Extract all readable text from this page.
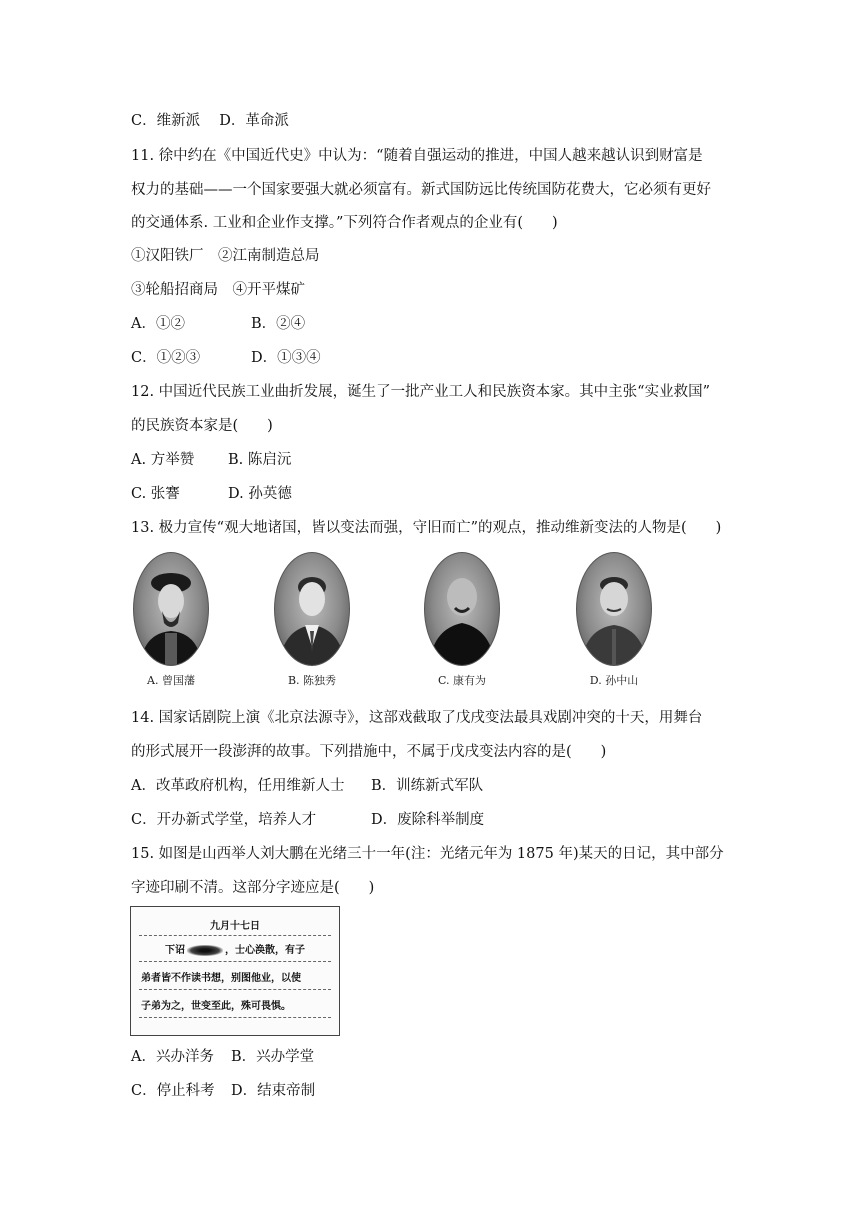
C．维新派　 D．革命派
11. 徐中约在《中国近代史》中认为：“随着自强运动的推进，中国人越来越认识到财富是
权力的基础——一个国家要强大就必须富有。新式国防远比传统国防花费大，它必须有更好
的交通体系. 工业和企业作支撑。”下列符合作者观点的企业有(　　)
①汉阳铁厂　②江南制造总局
③轮船招商局　④开平煤矿
A．①②	B．②④
C．①②③	D．①③④
12. 中国近代民族工业曲折发展，诞生了一批产业工人和民族资本家。其中主张“实业救国”
的民族资本家是(　　)
A. 方举赞 B. 陈启沅
C. 张謇	D. 孙英德
13. 极力宣传“观大地诸国，皆以变法而强，守旧而亡”的观点，推动维新变法的人物是(　　)
A. 曾国藩	B. 陈独秀	C. 康有为	D. 孙中山
14. 国家话剧院上演《北京法源寺》，这部戏截取了戊戌变法最具戏剧冲突的十天，用舞台
的形式展开一段澎湃的故事。下列措施中，不属于戊戌变法内容的是(　　)
A．改革政府机构，任用维新人士 B．训练新式军队
C．开办新式学堂，培养人才	D．废除科举制度
15. 如图是山西举人刘大鹏在光绪三十一年(注：光绪元年为 1875 年)某天的日记，其中部分
字迹印刷不清。这部分字迹应是(　　)
九月十七日
下诏	，士心涣散，有子
弟者皆不作读书想，别图他业，以使
子弟为之，世变至此，殊可畏惧。
A．兴办洋务 B．兴办学堂
C．停止科考 D．结束帝制
